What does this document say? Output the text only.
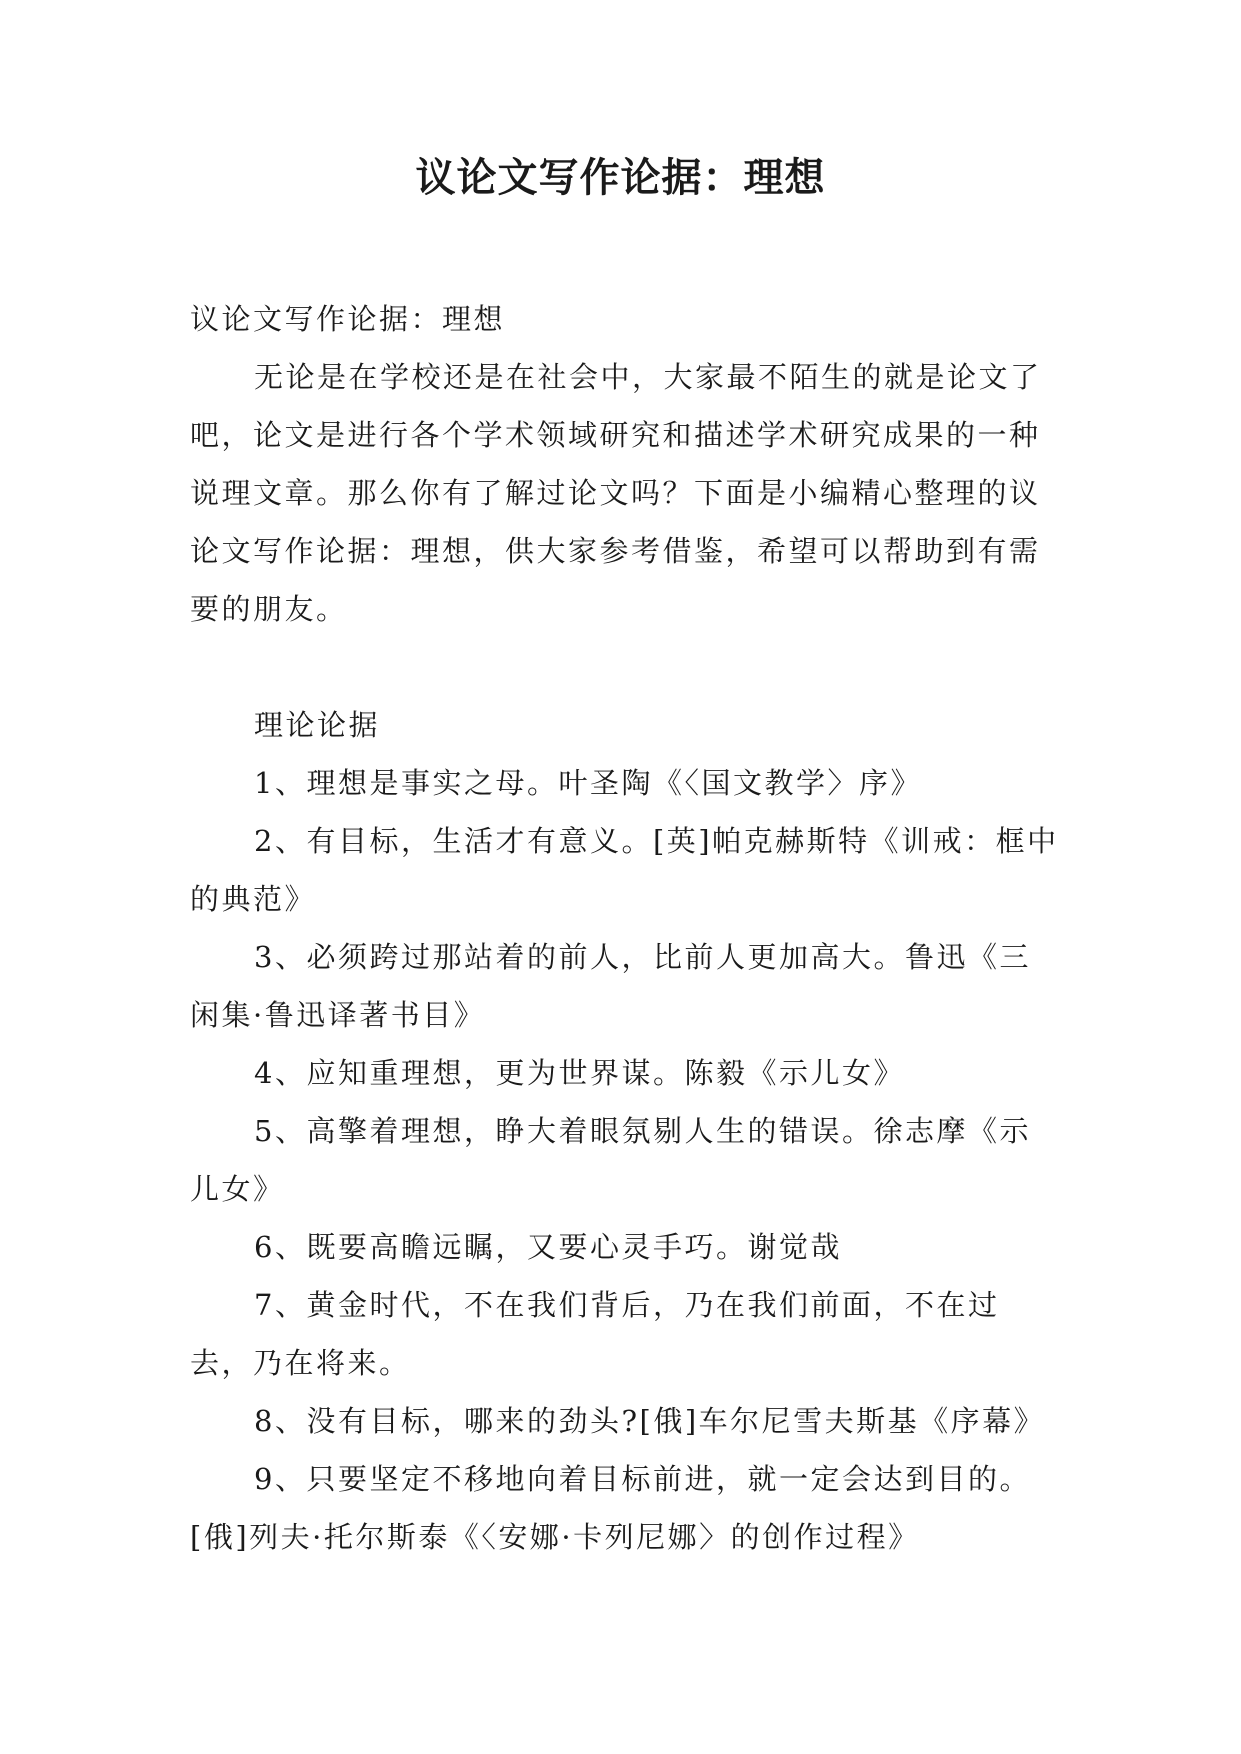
议论文写作论据：理想

议论文写作论据：理想

无论是在学校还是在社会中，大家最不陌生的就是论文了吧，论文是进行各个学术领域研究和描述学术研究成果的一种说理文章。那么你有了解过论文吗？下面是小编精心整理的议论文写作论据：理想，供大家参考借鉴，希望可以帮助到有需要的朋友。

理论论据

1、理想是事实之母。叶圣陶《〈国文教学〉序》

2、有目标，生活才有意义。[英]帕克赫斯特《训戒：框中的典范》

3、必须跨过那站着的前人，比前人更加高大。鲁迅《三闲集·鲁迅译著书目》

4、应知重理想，更为世界谋。陈毅《示儿女》

5、高擎着理想，睁大着眼氛剔人生的错误。徐志摩《示儿女》

6、既要高瞻远瞩，又要心灵手巧。谢觉哉

7、黄金时代，不在我们背后，乃在我们前面，不在过去，乃在将来。

8、没有目标，哪来的劲头?[俄]车尔尼雪夫斯基《序幕》

9、只要坚定不移地向着目标前进，就一定会达到目的。[俄]列夫·托尔斯泰《〈安娜·卡列尼娜〉的创作过程》
